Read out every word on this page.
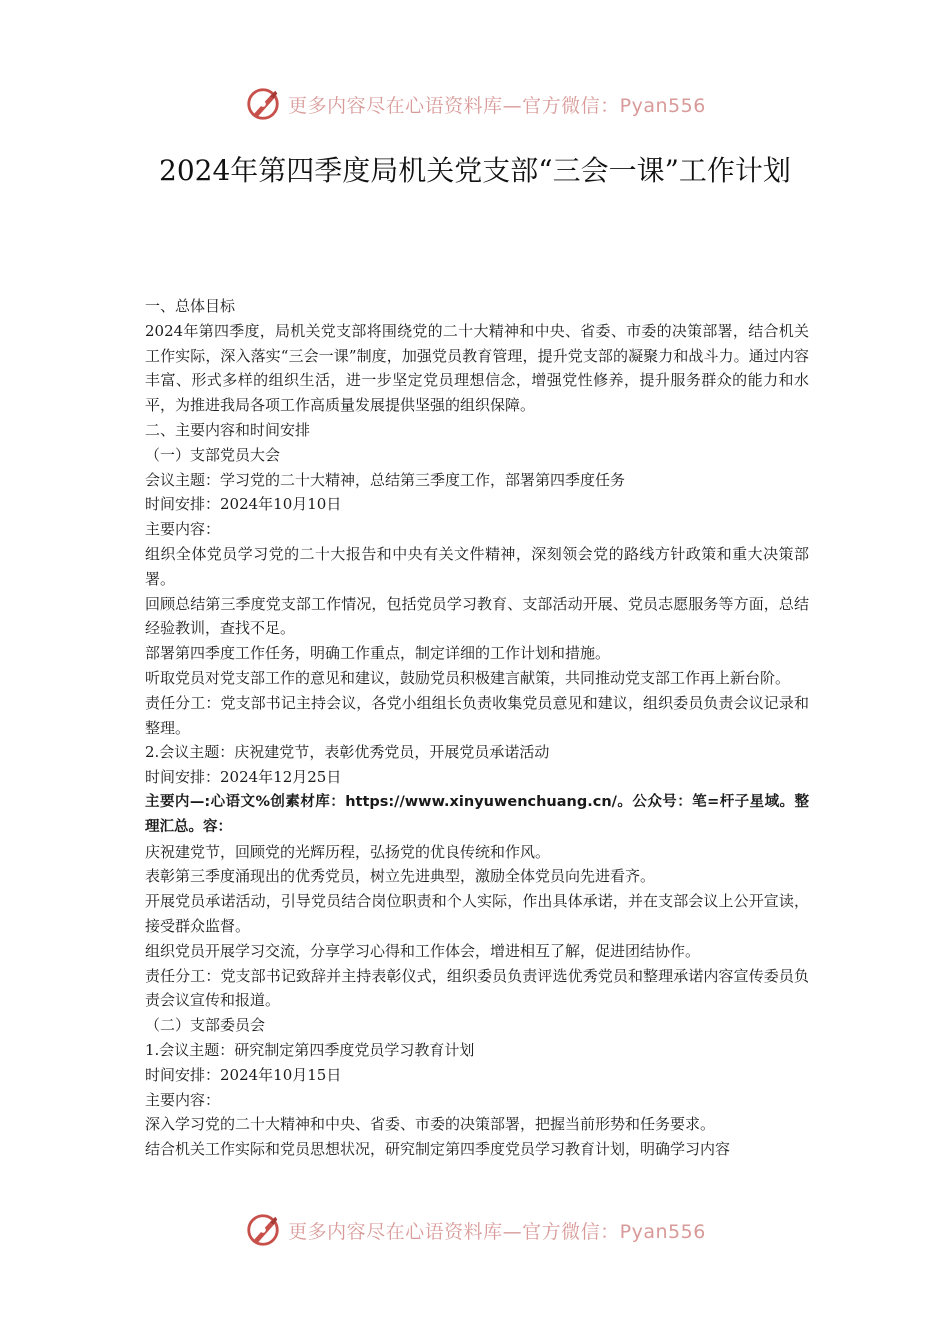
更多内容尽在心语资料库—官方微信：Pyan556
2024年第四季度局机关党支部“三会一课”工作计划

一、总体目标

2024年第四季度，局机关党支部将围绕党的二十大精神和中央、省委、市委的决策部署，结合机关工作实际，深入落实“三会一课”制度，加强党员教育管理，提升党支部的凝聚力和战斗力。通过内容丰富、形式多样的组织生活，进一步坚定党员理想信念，增强党性修养，提升服务群众的能力和水平，为推进我局各项工作高质量发展提供坚强的组织保障。

二、主要内容和时间安排

（一）支部党员大会

会议主题：学习党的二十大精神，总结第三季度工作，部署第四季度任务

时间安排：2024年10月10日

主要内容：

组织全体党员学习党的二十大报告和中央有关文件精神，深刻领会党的路线方针政策和重大决策部署。

回顾总结第三季度党支部工作情况，包括党员学习教育、支部活动开展、党员志愿服务等方面，总结经验教训，查找不足。

部署第四季度工作任务，明确工作重点，制定详细的工作计划和措施。

听取党员对党支部工作的意见和建议，鼓励党员积极建言献策，共同推动党支部工作再上新台阶。

责任分工：党支部书记主持会议，各党小组组长负责收集党员意见和建议，组织委员负责会议记录和整理。

2.会议主题：庆祝建党节，表彰优秀党员，开展党员承诺活动

时间安排：2024年12月25日

主要内—:心语文%创素材库：https://www.xinyuwenchuang.cn/。公众号：笔=杆子星域。整理汇总。容：

庆祝建党节，回顾党的光辉历程，弘扬党的优良传统和作风。

表彰第三季度涌现出的优秀党员，树立先进典型，激励全体党员向先进看齐。

开展党员承诺活动，引导党员结合岗位职责和个人实际，作出具体承诺，并在支部会议上公开宣读，接受群众监督。

组织党员开展学习交流，分享学习心得和工作体会，增进相互了解，促进团结协作。

责任分工：党支部书记致辞并主持表彰仪式，组织委员负责评选优秀党员和整理承诺内容宣传委员负责会议宣传和报道。

（二）支部委员会

1.会议主题：研究制定第四季度党员学习教育计划

时间安排：2024年10月15日

主要内容：

深入学习党的二十大精神和中央、省委、市委的决策部署，把握当前形势和任务要求。

结合机关工作实际和党员思想状况，研究制定第四季度党员学习教育计划，明确学习内容

更多内容尽在心语资料库—官方微信：Pyan556
